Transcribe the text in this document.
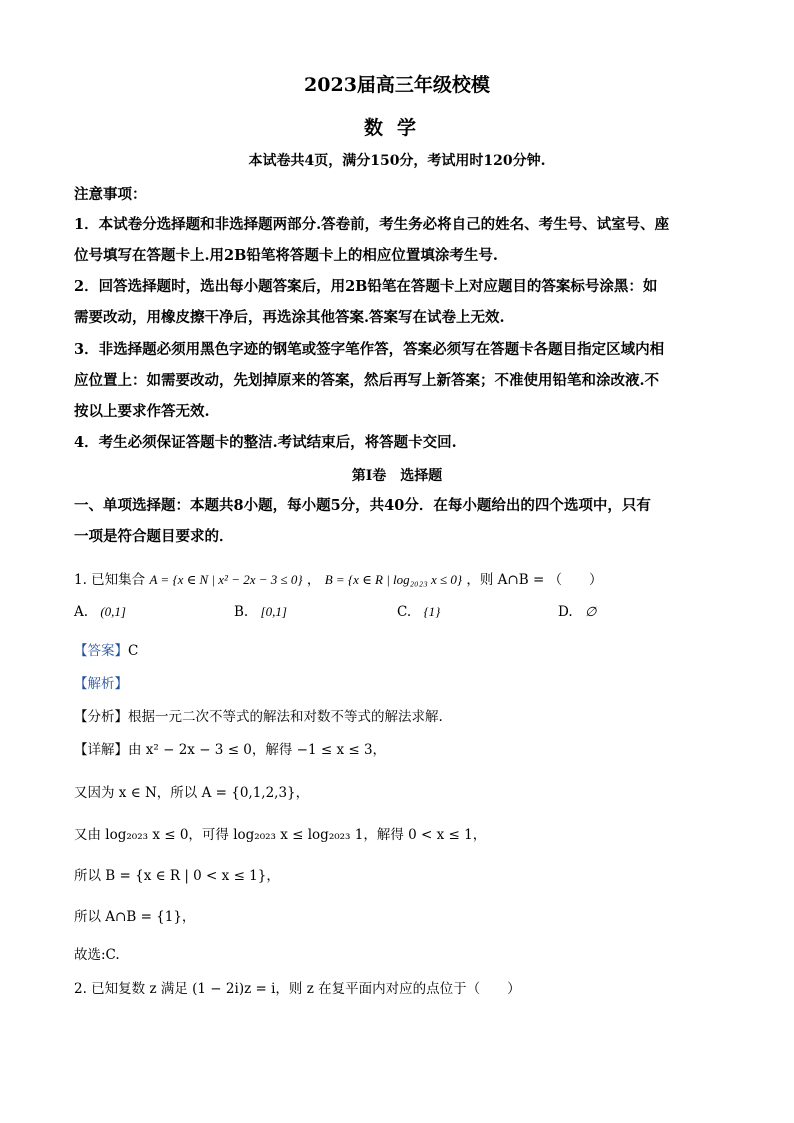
2023届高三年级校模
数学
本试卷共4页，满分150分，考试用时120分钟.
注意事项：
1．本试卷分选择题和非选择题两部分.答卷前，考生务必将自己的姓名、考生号、试室号、座
位号填写在答题卡上.用2B铅笔将答题卡上的相应位置填涂考生号.
2．回答选择题时，选出每小题答案后，用2B铅笔在答题卡上对应题目的答案标号涂黑：如
需要改动，用橡皮擦干净后，再选涂其他答案.答案写在试卷上无效.
3．非选择题必须用黑色字迹的钢笔或签字笔作答，答案必须写在答题卡各题目指定区域内相
应位置上：如需要改动，先划掉原来的答案，然后再写上新答案；不准使用铅笔和涂改液.不
按以上要求作答无效.
4．考生必须保证答题卡的整洁.考试结束后，将答题卡交回.
第Ⅰ卷　选择题
一、单项选择题：本题共8小题，每小题5分，共40分．在每小题给出的四个选项中，只有
一项是符合题目要求的．
1. 已知集合 A = {x ∈ N | x² − 2x − 3 ≤ 0} ， B = {x ∈ R | log₂₀₂₃ x ≤ 0} ，则 A∩B = （　　）
A. (0,1]	B. [0,1]	C. {1}	D. ∅
【答案】C
【解析】
【分析】根据一元二次不等式的解法和对数不等式的解法求解.
【详解】由 x² − 2x − 3 ≤ 0，解得 −1 ≤ x ≤ 3，
又因为 x ∈ N，所以 A = {0,1,2,3}，
又由 log₂₀₂₃ x ≤ 0，可得 log₂₀₂₃ x ≤ log₂₀₂₃ 1，解得 0 < x ≤ 1，
所以 B = {x ∈ R | 0 < x ≤ 1}，
所以 A∩B = {1}，
故选:C.
2. 已知复数 z 满足 (1 − 2i)z = i，则 z 在复平面内对应的点位于（　　）
